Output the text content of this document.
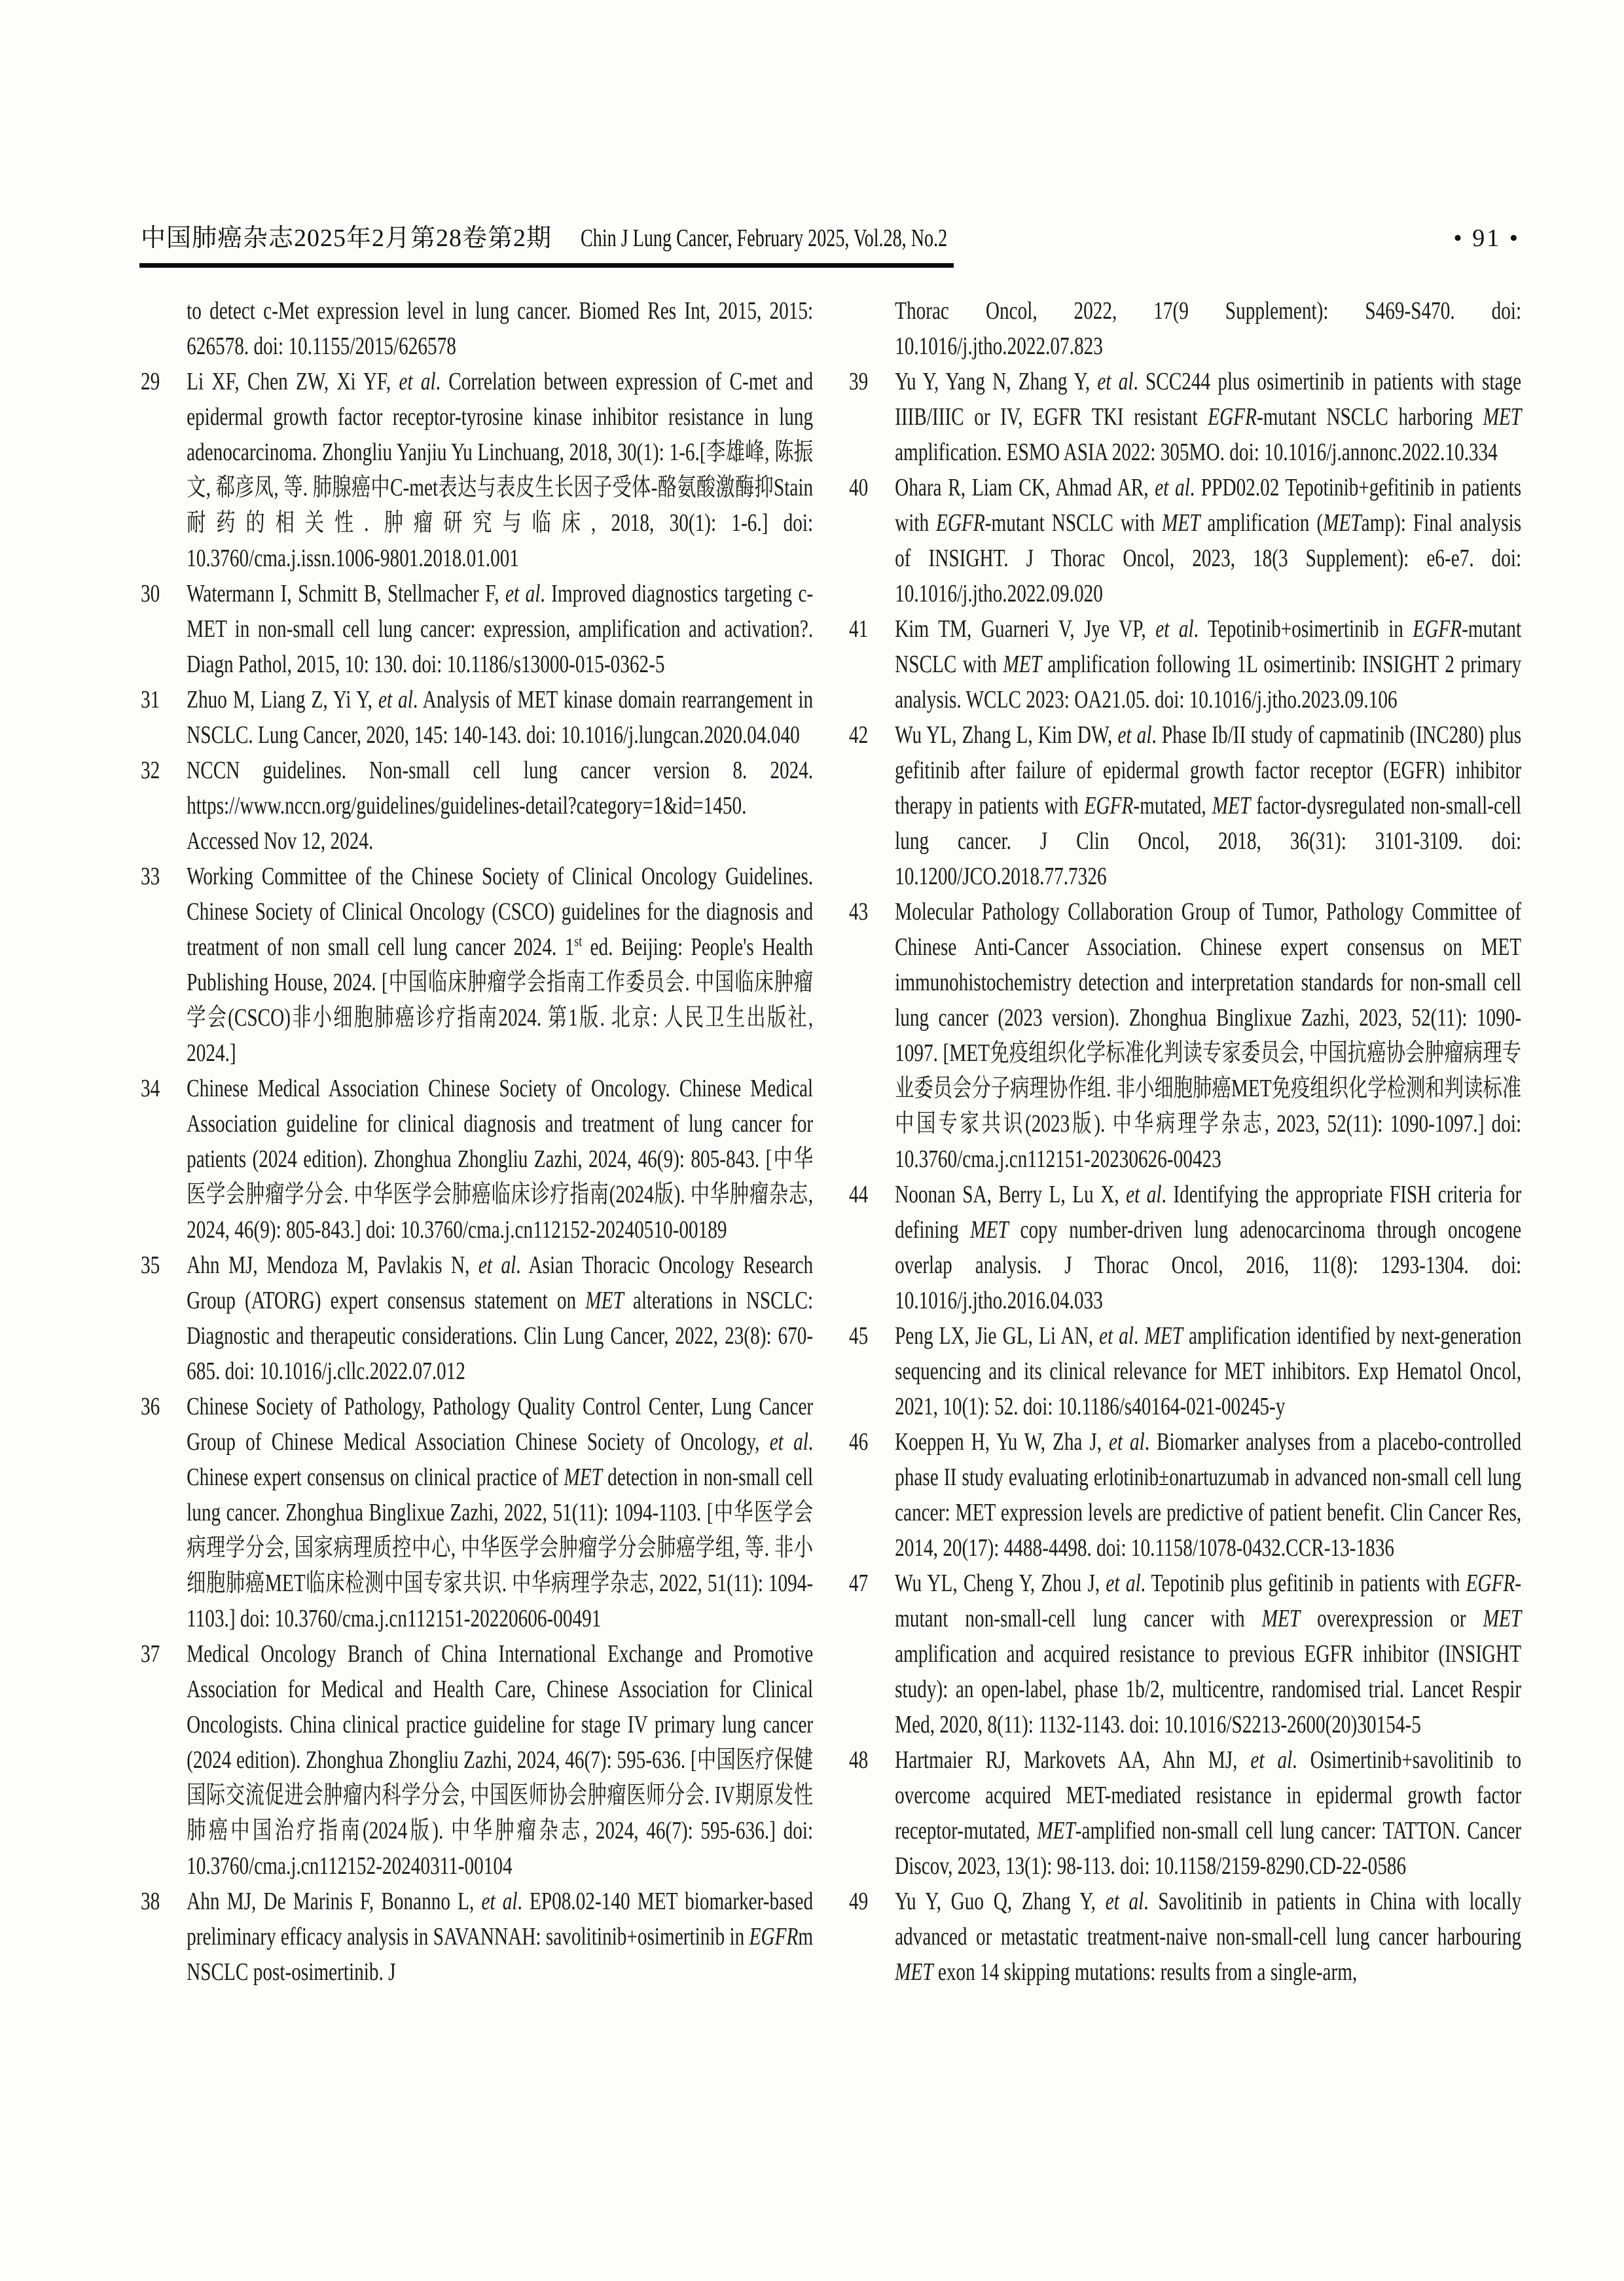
中国肺癌杂志2025年2月第28卷第2期 Chin J Lung Cancer, February 2025, Vol.28, No.2	• 91 •
to detect c-Met expression level in lung cancer. Biomed Res Int, 2015, 2015: 626578. doi: 10.1155/2015/626578
29 Li XF, Chen ZW, Xi YF, et al. Correlation between expression of C-met and epidermal growth factor receptor-tyrosine kinase inhibitor resistance in lung adenocarcinoma. Zhongliu Yanjiu Yu Linchuang, 2018, 30(1): 1-6.[李雄峰, 陈振文, 郗彦凤, 等. 肺腺癌中C-met表达与表皮生长因子受体-酪氨酸激酶抑Stain耐药的相关性. 肿瘤研究与临床, 2018, 30(1): 1-6.] doi: 10.3760/cma.j.issn.1006-9801.2018.01.001
30 Watermann I, Schmitt B, Stellmacher F, et al. Improved diagnostics targeting c-MET in non-small cell lung cancer: expression, amplification and activation?. Diagn Pathol, 2015, 10: 130. doi: 10.1186/s13000-015-0362-5
31 Zhuo M, Liang Z, Yi Y, et al. Analysis of MET kinase domain rearrangement in NSCLC. Lung Cancer, 2020, 145: 140-143. doi: 10.1016/j.lungcan.2020.04.040
32 NCCN guidelines. Non-small cell lung cancer version 8. 2024. https://www.nccn.org/guidelines/guidelines-detail?category=1&id=1450. Accessed Nov 12, 2024.
33 Working Committee of the Chinese Society of Clinical Oncology Guidelines. Chinese Society of Clinical Oncology (CSCO) guidelines for the diagnosis and treatment of non small cell lung cancer 2024. 1st ed. Beijing: People's Health Publishing House, 2024. [中国临床肿瘤学会指南工作委员会. 中国临床肿瘤学会(CSCO)非小细胞肺癌诊疗指南2024. 第1版. 北京: 人民卫生出版社, 2024.]
34 Chinese Medical Association Chinese Society of Oncology. Chinese Medical Association guideline for clinical diagnosis and treatment of lung cancer for patients (2024 edition). Zhonghua Zhongliu Zazhi, 2024, 46(9): 805-843. [中华医学会肿瘤学分会. 中华医学会肺癌临床诊疗指南(2024版). 中华肿瘤杂志, 2024, 46(9): 805-843.] doi: 10.3760/cma.j.cn112152-20240510-00189
35 Ahn MJ, Mendoza M, Pavlakis N, et al. Asian Thoracic Oncology Research Group (ATORG) expert consensus statement on MET alterations in NSCLC: Diagnostic and therapeutic considerations. Clin Lung Cancer, 2022, 23(8): 670-685. doi: 10.1016/j.cllc.2022.07.012
36 Chinese Society of Pathology, Pathology Quality Control Center, Lung Cancer Group of Chinese Medical Association Chinese Society of Oncology, et al. Chinese expert consensus on clinical practice of MET detection in non-small cell lung cancer. Zhonghua Binglixue Zazhi, 2022, 51(11): 1094-1103. [中华医学会病理学分会, 国家病理质控中心, 中华医学会肿瘤学分会肺癌学组, 等. 非小细胞肺癌MET临床检测中国专家共识. 中华病理学杂志, 2022, 51(11): 1094-1103.] doi: 10.3760/cma.j.cn112151-20220606-00491
37 Medical Oncology Branch of China International Exchange and Promotive Association for Medical and Health Care, Chinese Association for Clinical Oncologists. China clinical practice guideline for stage IV primary lung cancer (2024 edition). Zhonghua Zhongliu Zazhi, 2024, 46(7): 595-636. [中国医疗保健国际交流促进会肿瘤内科学分会, 中国医师协会肿瘤医师分会. IV期原发性肺癌中国治疗指南(2024版). 中华肿瘤杂志, 2024, 46(7): 595-636.] doi: 10.3760/cma.j.cn112152-20240311-00104
38 Ahn MJ, De Marinis F, Bonanno L, et al. EP08.02-140 MET biomarker-based preliminary efficacy analysis in SAVANNAH: savolitinib+osimertinib in EGFRm NSCLC post-osimertinib. J
Thorac Oncol, 2022, 17(9 Supplement): S469-S470. doi: 10.1016/j.jtho.2022.07.823
39 Yu Y, Yang N, Zhang Y, et al. SCC244 plus osimertinib in patients with stage IIIB/IIIC or IV, EGFR TKI resistant EGFR-mutant NSCLC harboring MET amplification. ESMO ASIA 2022: 305MO. doi: 10.1016/j.annonc.2022.10.334
40 Ohara R, Liam CK, Ahmad AR, et al. PPD02.02 Tepotinib+gefitinib in patients with EGFR-mutant NSCLC with MET amplification (METamp): Final analysis of INSIGHT. J Thorac Oncol, 2023, 18(3 Supplement): e6-e7. doi: 10.1016/j.jtho.2022.09.020
41 Kim TM, Guarneri V, Jye VP, et al. Tepotinib+osimertinib in EGFR-mutant NSCLC with MET amplification following 1L osimertinib: INSIGHT 2 primary analysis. WCLC 2023: OA21.05. doi: 10.1016/j.jtho.2023.09.106
42 Wu YL, Zhang L, Kim DW, et al. Phase Ib/II study of capmatinib (INC280) plus gefitinib after failure of epidermal growth factor receptor (EGFR) inhibitor therapy in patients with EGFR-mutated, MET factor-dysregulated non-small-cell lung cancer. J Clin Oncol, 2018, 36(31): 3101-3109. doi: 10.1200/JCO.2018.77.7326
43 Molecular Pathology Collaboration Group of Tumor, Pathology Committee of Chinese Anti-Cancer Association. Chinese expert consensus on MET immunohistochemistry detection and interpretation standards for non-small cell lung cancer (2023 version). Zhonghua Binglixue Zazhi, 2023, 52(11): 1090-1097. [MET免疫组织化学标准化判读专家委员会, 中国抗癌协会肿瘤病理专业委员会分子病理协作组. 非小细胞肺癌MET免疫组织化学检测和判读标准中国专家共识(2023版). 中华病理学杂志, 2023, 52(11): 1090-1097.] doi: 10.3760/cma.j.cn112151-20230626-00423
44 Noonan SA, Berry L, Lu X, et al. Identifying the appropriate FISH criteria for defining MET copy number-driven lung adenocarcinoma through oncogene overlap analysis. J Thorac Oncol, 2016, 11(8): 1293-1304. doi: 10.1016/j.jtho.2016.04.033
45 Peng LX, Jie GL, Li AN, et al. MET amplification identified by next-generation sequencing and its clinical relevance for MET inhibitors. Exp Hematol Oncol, 2021, 10(1): 52. doi: 10.1186/s40164-021-00245-y
46 Koeppen H, Yu W, Zha J, et al. Biomarker analyses from a placebo-controlled phase II study evaluating erlotinib±onartuzumab in advanced non-small cell lung cancer: MET expression levels are predictive of patient benefit. Clin Cancer Res, 2014, 20(17): 4488-4498. doi: 10.1158/1078-0432.CCR-13-1836
47 Wu YL, Cheng Y, Zhou J, et al. Tepotinib plus gefitinib in patients with EGFR-mutant non-small-cell lung cancer with MET overexpression or MET amplification and acquired resistance to previous EGFR inhibitor (INSIGHT study): an open-label, phase 1b/2, multicentre, randomised trial. Lancet Respir Med, 2020, 8(11): 1132-1143. doi: 10.1016/S2213-2600(20)30154-5
48 Hartmaier RJ, Markovets AA, Ahn MJ, et al. Osimertinib+savolitinib to overcome acquired MET-mediated resistance in epidermal growth factor receptor-mutated, MET-amplified non-small cell lung cancer: TATTON. Cancer Discov, 2023, 13(1): 98-113. doi: 10.1158/2159-8290.CD-22-0586
49 Yu Y, Guo Q, Zhang Y, et al. Savolitinib in patients in China with locally advanced or metastatic treatment-naive non-small-cell lung cancer harbouring MET exon 14 skipping mutations: results from a single-arm,
